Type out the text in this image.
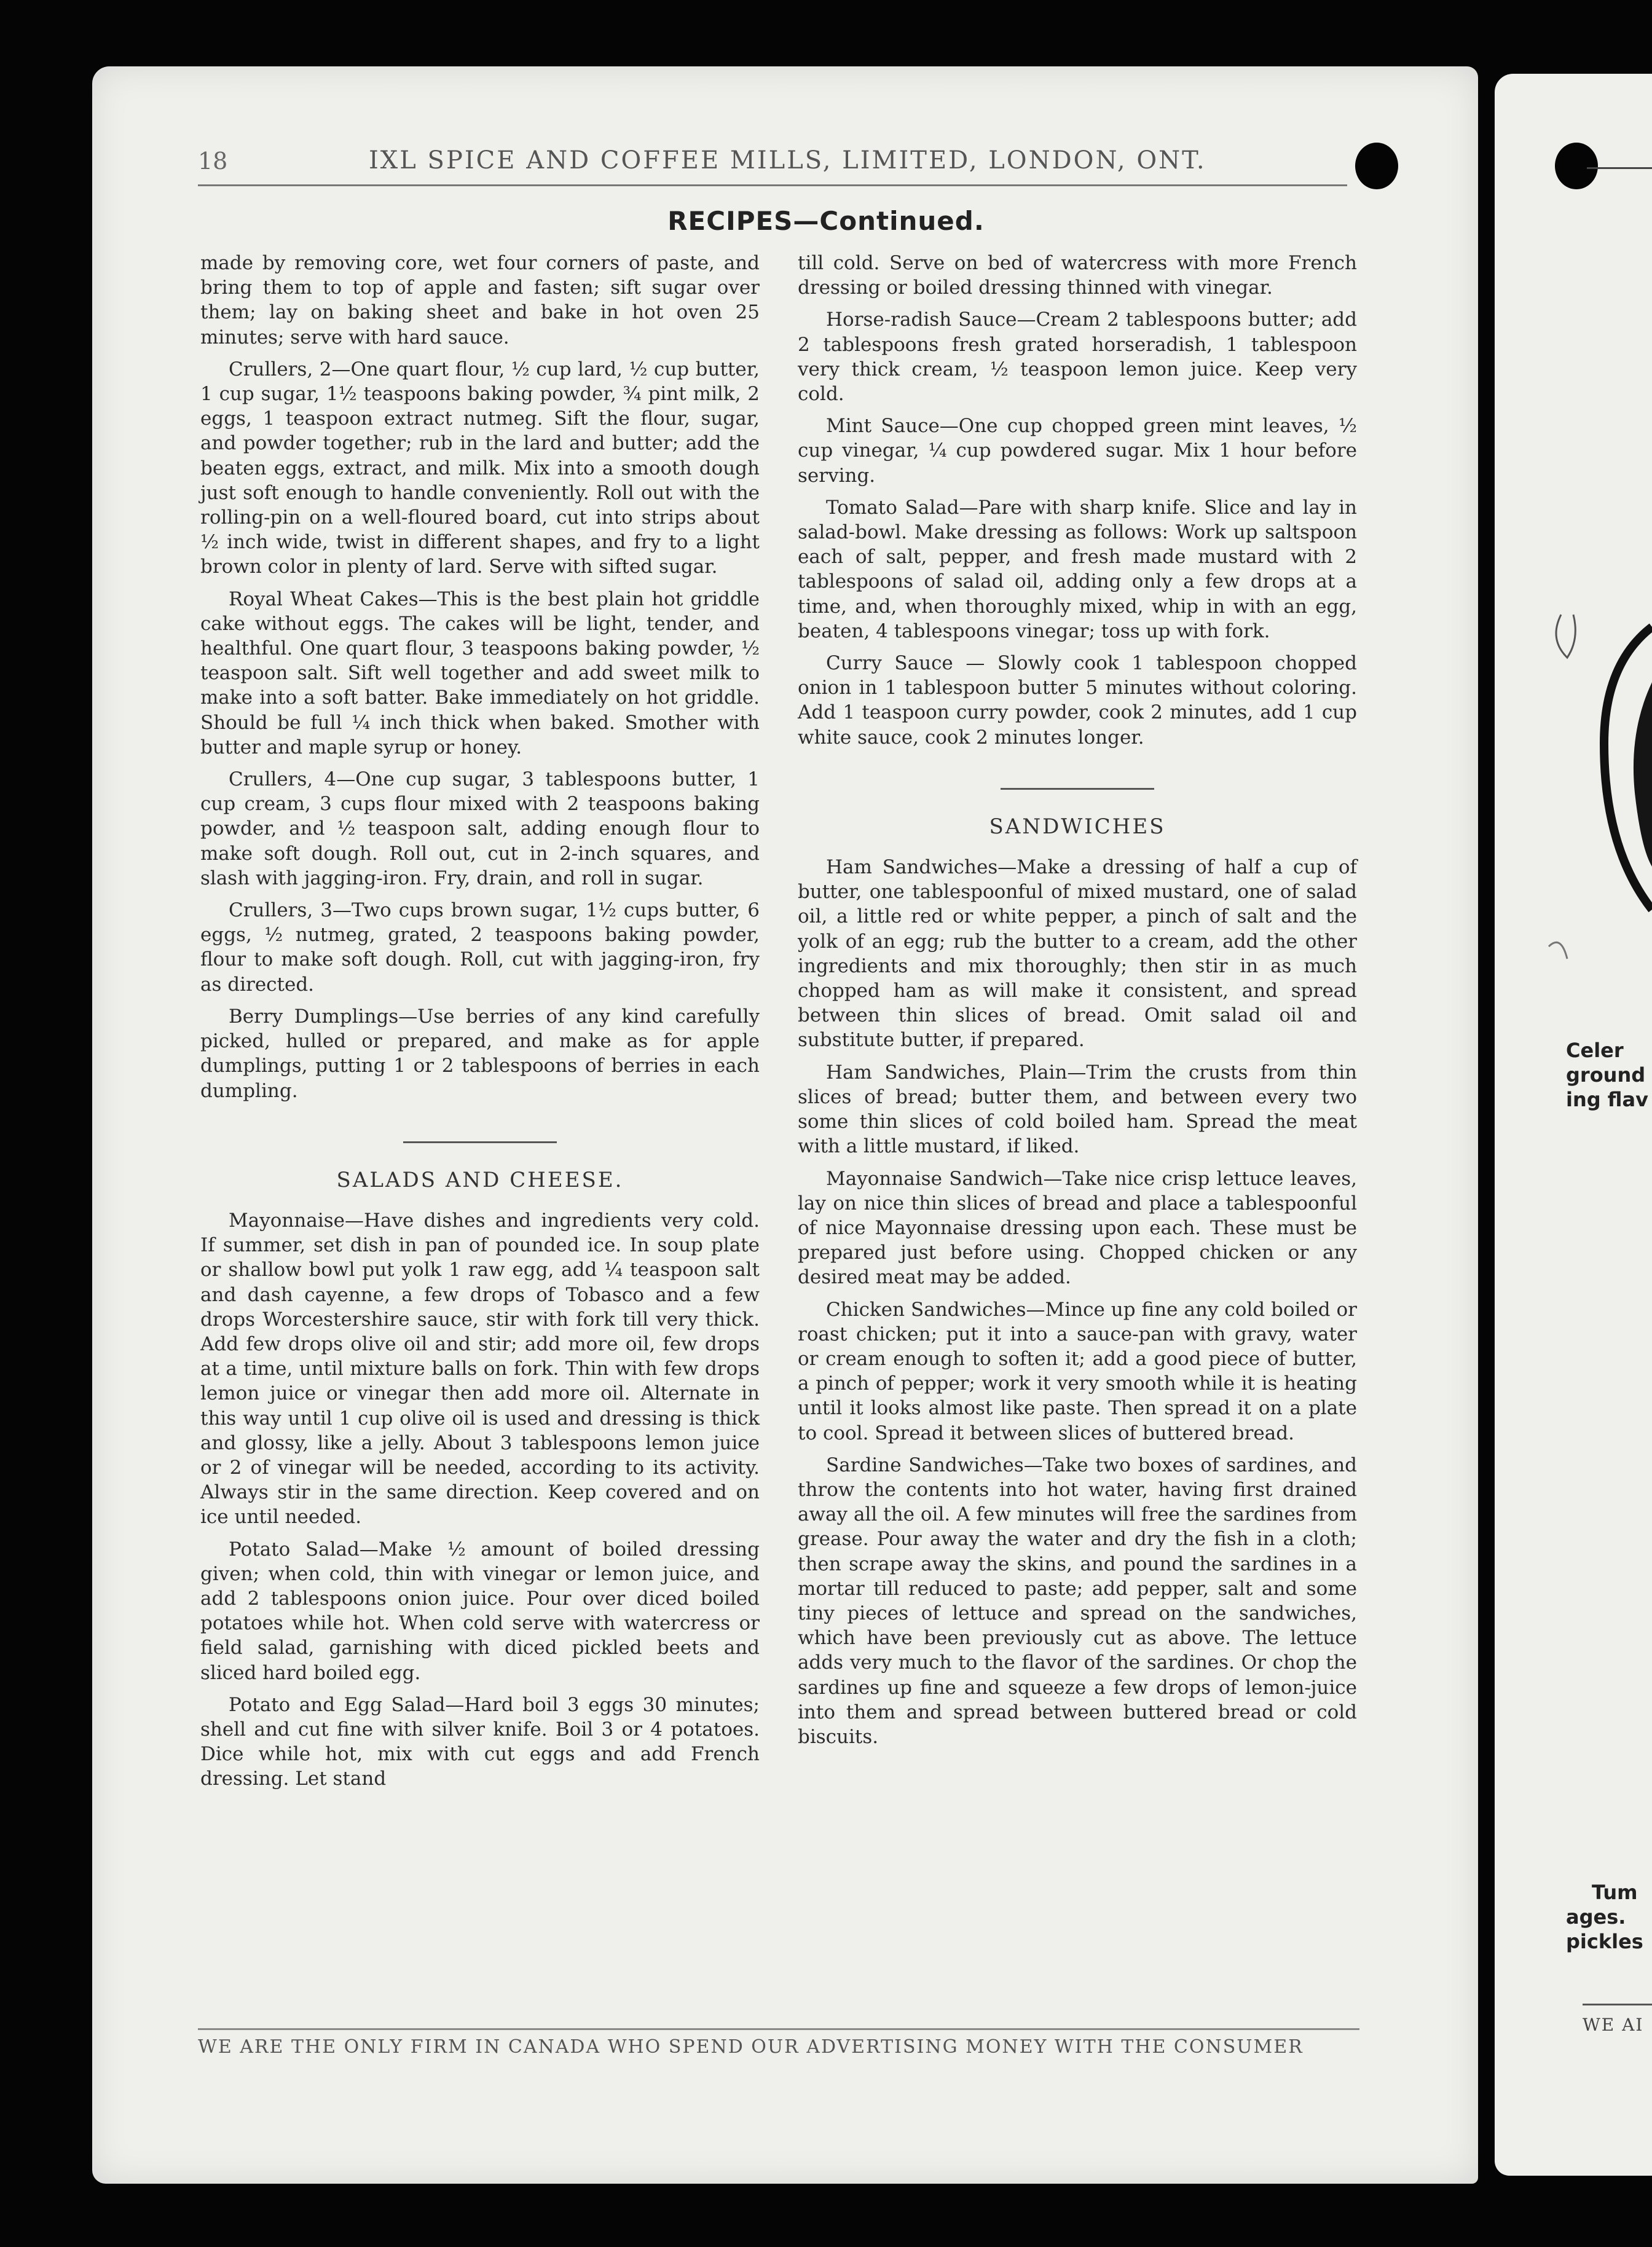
18	IXL SPICE AND COFFEE MILLS, LIMITED, LONDON, ONT.
RECIPES—Continued.

made by removing core, wet four corners of paste, and bring them to top of apple and fasten; sift sugar over them; lay on baking sheet and bake in hot oven 25 minutes; serve with hard sauce.

Crullers, 2—One quart flour, ½ cup lard, ½ cup butter, 1 cup sugar, 1½ teaspoons baking powder, ¾ pint milk, 2 eggs, 1 teaspoon extract nutmeg. Sift the flour, sugar, and powder together; rub in the lard and butter; add the beaten eggs, extract, and milk. Mix into a smooth dough just soft enough to handle conveniently. Roll out with the rolling-pin on a well-floured board, cut into strips about ½ inch wide, twist in different shapes, and fry to a light brown color in plenty of lard. Serve with sifted sugar.

Royal Wheat Cakes—This is the best plain hot griddle cake without eggs. The cakes will be light, tender, and healthful. One quart flour, 3 teaspoons baking powder, ½ teaspoon salt. Sift well together and add sweet milk to make into a soft batter. Bake immediately on hot griddle. Should be full ¼ inch thick when baked. Smother with butter and maple syrup or honey.

Crullers, 4—One cup sugar, 3 tablespoons butter, 1 cup cream, 3 cups flour mixed with 2 teaspoons baking powder, and ½ teaspoon salt, adding enough flour to make soft dough. Roll out, cut in 2-inch squares, and slash with jagging-iron. Fry, drain, and roll in sugar.

Crullers, 3—Two cups brown sugar, 1½ cups butter, 6 eggs, ½ nutmeg, grated, 2 teaspoons baking powder, flour to make soft dough. Roll, cut with jagging-iron, fry as directed.

Berry Dumplings—Use berries of any kind carefully picked, hulled or prepared, and make as for apple dumplings, putting 1 or 2 tablespoons of berries in each dumpling.

SALADS AND CHEESE.

Mayonnaise—Have dishes and ingredients very cold. If summer, set dish in pan of pounded ice. In soup plate or shallow bowl put yolk 1 raw egg, add ¼ teaspoon salt and dash cayenne, a few drops of Tobasco and a few drops Worcestershire sauce, stir with fork till very thick. Add few drops olive oil and stir; add more oil, few drops at a time, until mixture balls on fork. Thin with few drops lemon juice or vinegar then add more oil. Alternate in this way until 1 cup olive oil is used and dressing is thick and glossy, like a jelly. About 3 tablespoons lemon juice or 2 of vinegar will be needed, according to its activity. Always stir in the same direction. Keep covered and on ice until needed.

Potato Salad—Make ½ amount of boiled dressing given; when cold, thin with vinegar or lemon juice, and add 2 tablespoons onion juice. Pour over diced boiled potatoes while hot. When cold serve with watercress or field salad, garnishing with diced pickled beets and sliced hard boiled egg.

Potato and Egg Salad—Hard boil 3 eggs 30 minutes; shell and cut fine with silver knife. Boil 3 or 4 potatoes. Dice while hot, mix with cut eggs and add French dressing. Let stand

till cold. Serve on bed of watercress with more French dressing or boiled dressing thinned with vinegar.

Horse-radish Sauce—Cream 2 tablespoons butter; add 2 tablespoons fresh grated horseradish, 1 tablespoon very thick cream, ½ teaspoon lemon juice. Keep very cold.

Mint Sauce—One cup chopped green mint leaves, ½ cup vinegar, ¼ cup powdered sugar. Mix 1 hour before serving.

Tomato Salad—Pare with sharp knife. Slice and lay in salad-bowl. Make dressing as follows: Work up saltspoon each of salt, pepper, and fresh made mustard with 2 tablespoons of salad oil, adding only a few drops at a time, and, when thoroughly mixed, whip in with an egg, beaten, 4 tablespoons vinegar; toss up with fork.

Curry Sauce — Slowly cook 1 tablespoon chopped onion in 1 tablespoon butter 5 minutes without coloring. Add 1 teaspoon curry powder, cook 2 minutes, add 1 cup white sauce, cook 2 minutes longer.

SANDWICHES

Ham Sandwiches—Make a dressing of half a cup of butter, one tablespoonful of mixed mustard, one of salad oil, a little red or white pepper, a pinch of salt and the yolk of an egg; rub the butter to a cream, add the other ingredients and mix thoroughly; then stir in as much chopped ham as will make it consistent, and spread between thin slices of bread. Omit salad oil and substitute butter, if prepared.

Ham Sandwiches, Plain—Trim the crusts from thin slices of bread; butter them, and between every two some thin slices of cold boiled ham. Spread the meat with a little mustard, if liked.

Mayonnaise Sandwich—Take nice crisp lettuce leaves, lay on nice thin slices of bread and place a tablespoonful of nice Mayonnaise dressing upon each. These must be prepared just before using. Chopped chicken or any desired meat may be added.

Chicken Sandwiches—Mince up fine any cold boiled or roast chicken; put it into a sauce-pan with gravy, water or cream enough to soften it; add a good piece of butter, a pinch of pepper; work it very smooth while it is heating until it looks almost like paste. Then spread it on a plate to cool. Spread it between slices of buttered bread.

Sardine Sandwiches—Take two boxes of sardines, and throw the contents into hot water, having first drained away all the oil. A few minutes will free the sardines from grease. Pour away the water and dry the fish in a cloth; then scrape away the skins, and pound the sardines in a mortar till reduced to paste; add pepper, salt and some tiny pieces of lettuce and spread on the sandwiches, which have been previously cut as above. The lettuce adds very much to the flavor of the sardines. Or chop the sardines up fine and squeeze a few drops of lemon-juice into them and spread between buttered bread or cold biscuits.

WE ARE THE ONLY FIRM IN CANADA WHO SPEND OUR ADVERTISING MONEY WITH THE CONSUMER
Celer
ground
ing flav
Tum
ages.
pickles
WE AI
